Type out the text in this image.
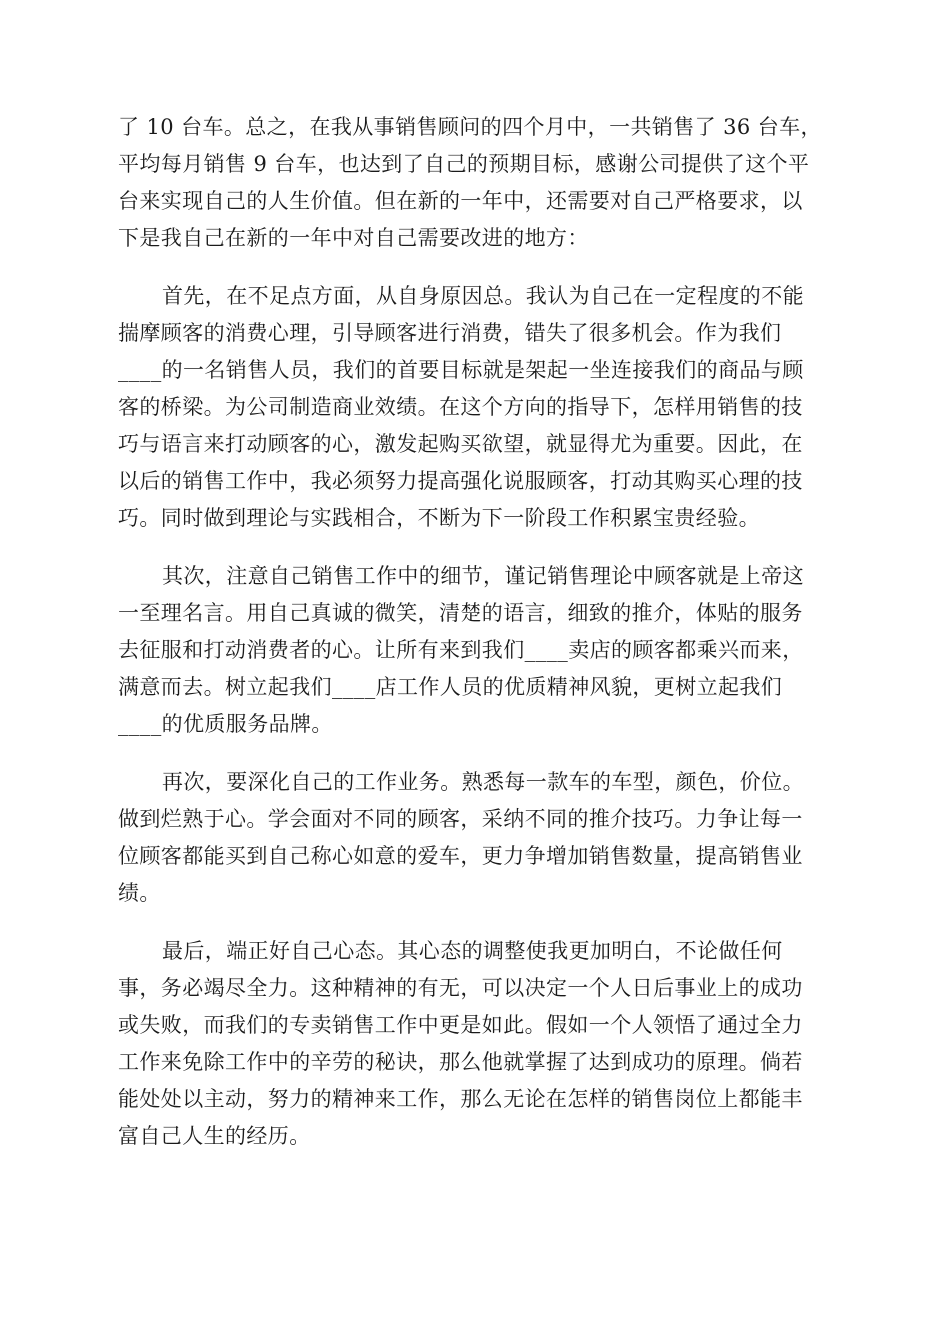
了 10 台车。总之，在我从事销售顾问的四个月中，一共销售了 36 台车，
平均每月销售 9 台车，也达到了自己的预期目标，感谢公司提供了这个平
台来实现自己的人生价值。但在新的一年中，还需要对自己严格要求，以
下是我自己在新的一年中对自己需要改进的地方：
首先，在不足点方面，从自身原因总。我认为自己在一定程度的不能
揣摩顾客的消费心理，引导顾客进行消费，错失了很多机会。作为我们
____的一名销售人员，我们的首要目标就是架起一坐连接我们的商品与顾
客的桥梁。为公司制造商业效绩。在这个方向的指导下，怎样用销售的技
巧与语言来打动顾客的心，激发起购买欲望，就显得尤为重要。因此，在
以后的销售工作中，我必须努力提高强化说服顾客，打动其购买心理的技
巧。同时做到理论与实践相合，不断为下一阶段工作积累宝贵经验。
其次，注意自己销售工作中的细节，谨记销售理论中顾客就是上帝这
一至理名言。用自己真诚的微笑，清楚的语言，细致的推介，体贴的服务
去征服和打动消费者的心。让所有来到我们____卖店的顾客都乘兴而来，
满意而去。树立起我们____店工作人员的优质精神风貌，更树立起我们
____的优质服务品牌。
再次，要深化自己的工作业务。熟悉每一款车的车型，颜色，价位。
做到烂熟于心。学会面对不同的顾客，采纳不同的推介技巧。力争让每一
位顾客都能买到自己称心如意的爱车，更力争增加销售数量，提高销售业
绩。
最后，端正好自己心态。其心态的调整使我更加明白，不论做任何
事，务必竭尽全力。这种精神的有无，可以决定一个人日后事业上的成功
或失败，而我们的专卖销售工作中更是如此。假如一个人领悟了通过全力
工作来免除工作中的辛劳的秘诀，那么他就掌握了达到成功的原理。倘若
能处处以主动，努力的精神来工作，那么无论在怎样的销售岗位上都能丰
富自己人生的经历。
